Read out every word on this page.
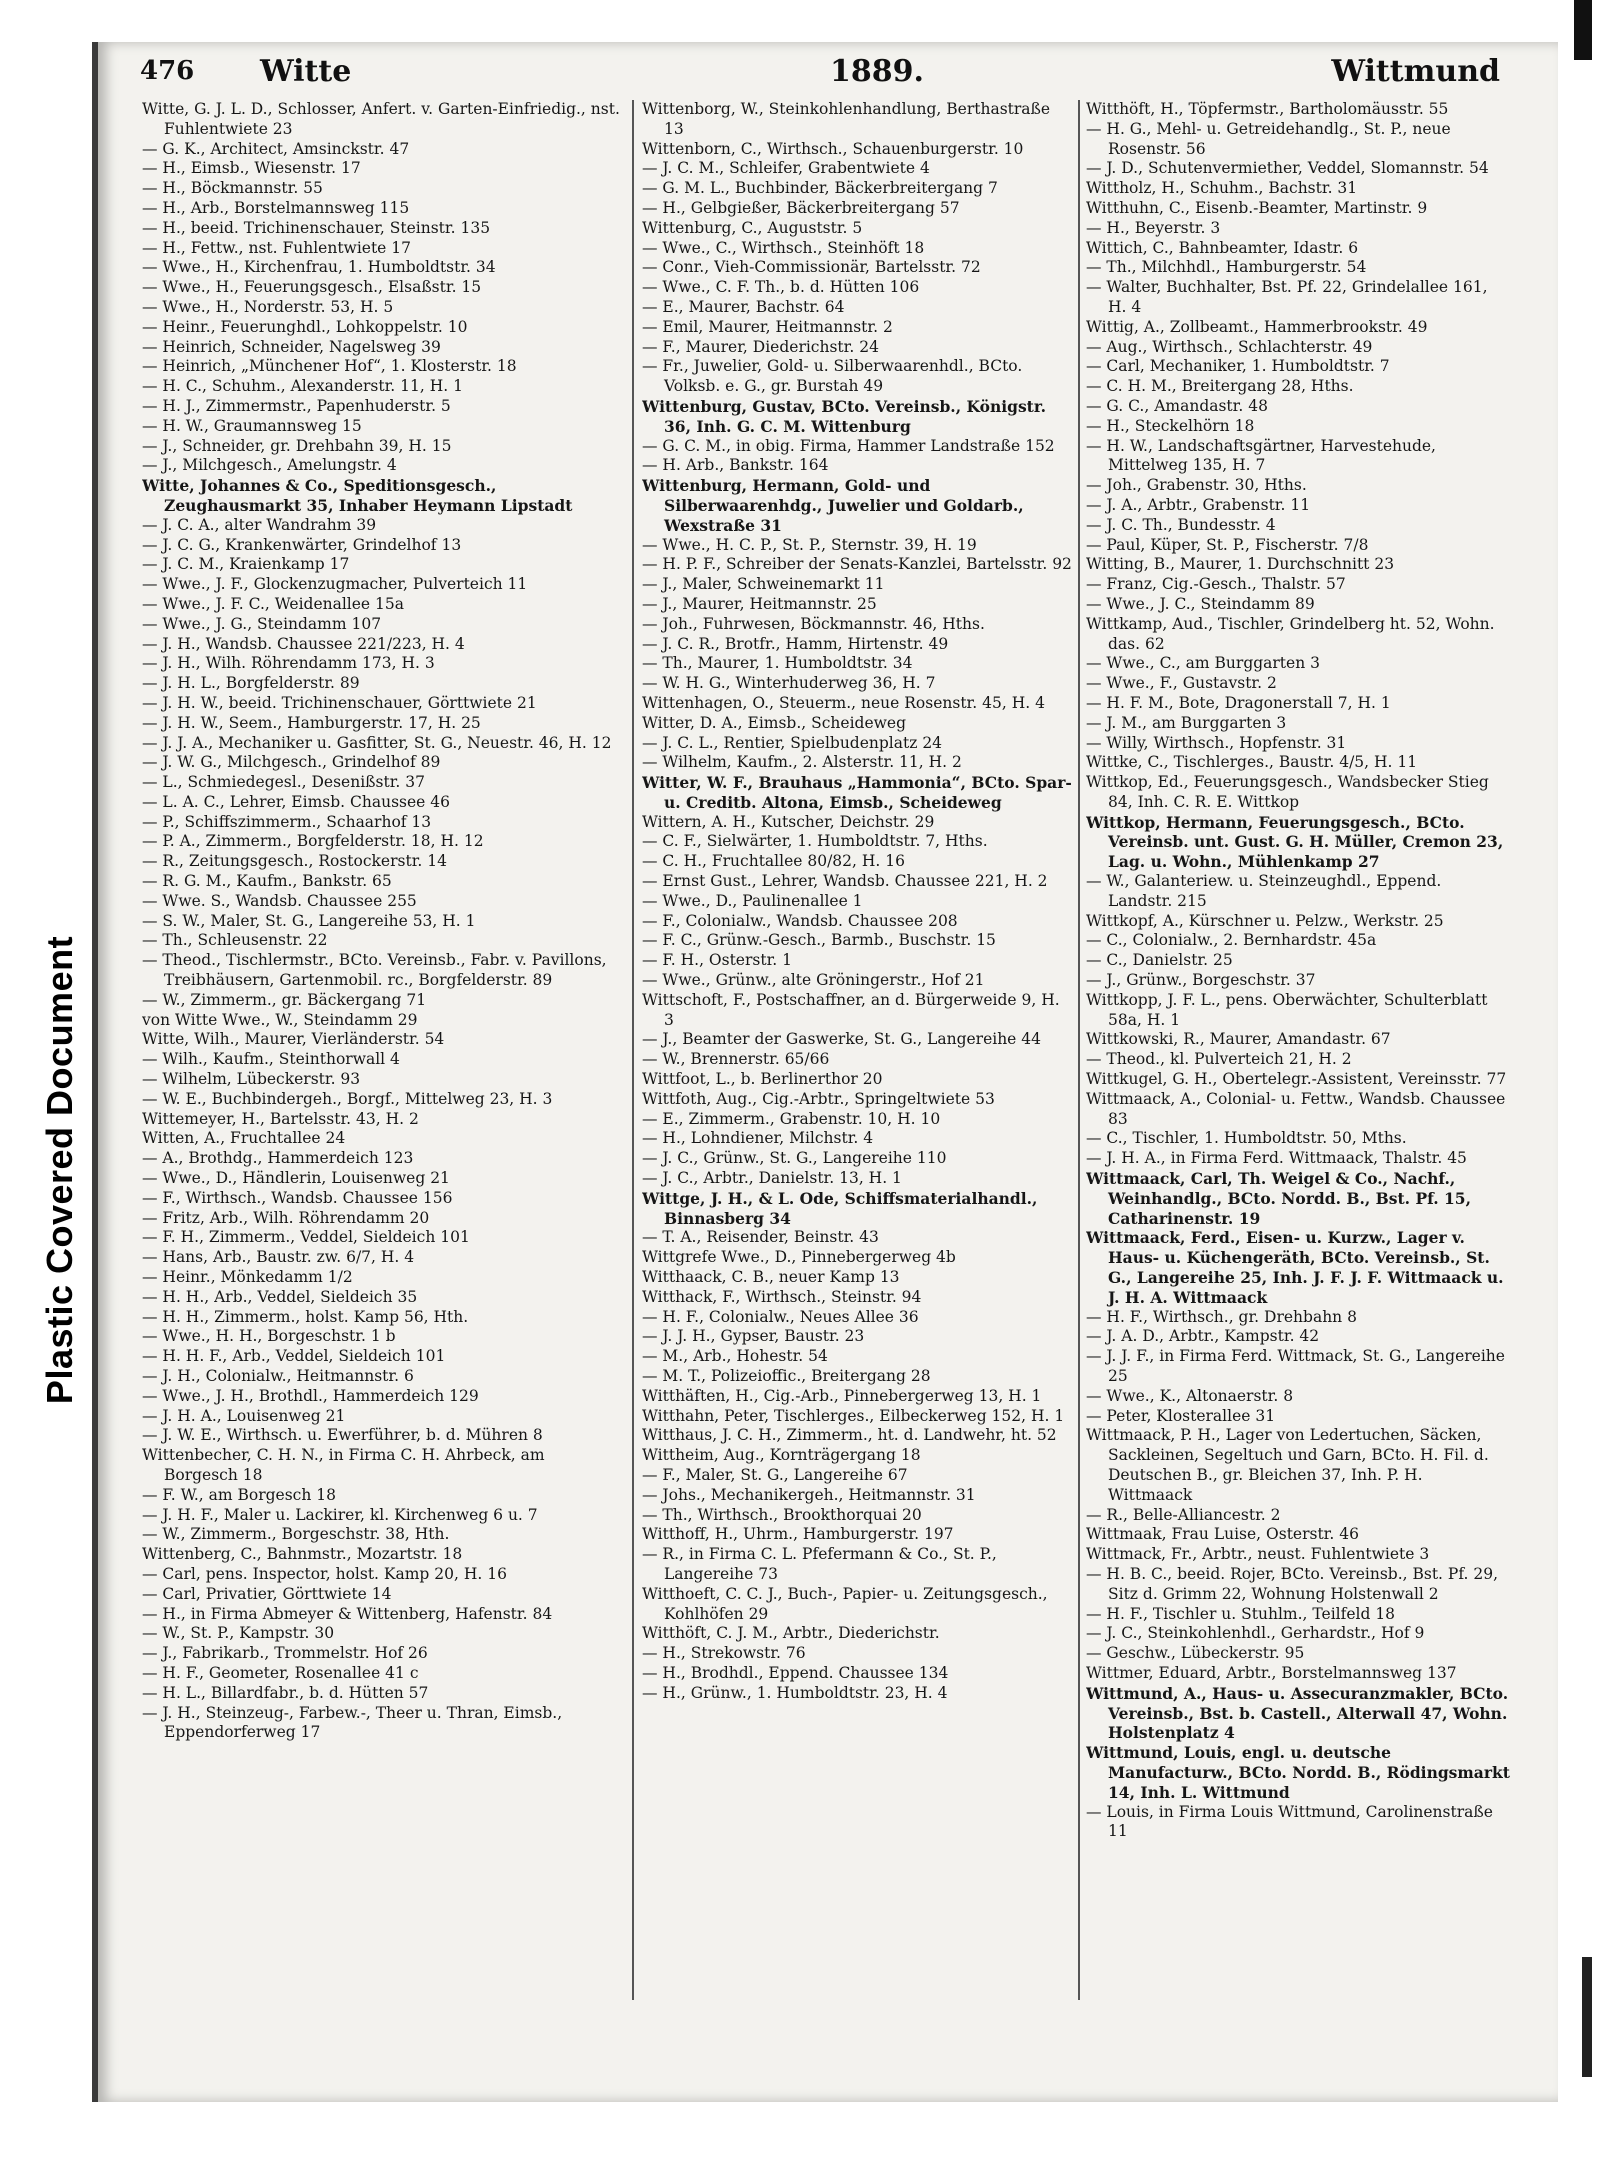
Plastic Covered Document
476 Witte	1889.	Wittmund
Witte, G. J. L. D., Schlosser, Anfert. v. Garten-Einfriedig., nst. Fuhlentwiete 23
— G. K., Architect, Amsinckstr. 47
— H., Eimsb., Wiesenstr. 17
— H., Böckmannstr. 55
— H., Arb., Borstelmannsweg 115
— H., beeid. Trichinenschauer, Steinstr. 135
— H., Fettw., nst. Fuhlentwiete 17
— Wwe., H., Kirchenfrau, 1. Humboldtstr. 34
— Wwe., H., Feuerungsgesch., Elsaßstr. 15
— Wwe., H., Norderstr. 53, H. 5
— Heinr., Feuerunghdl., Lohkoppelstr. 10
— Heinrich, Schneider, Nagelsweg 39
— Heinrich, „Münchener Hof“, 1. Klosterstr. 18
— H. C., Schuhm., Alexanderstr. 11, H. 1
— H. J., Zimmermstr., Papenhuderstr. 5
— H. W., Graumannsweg 15
— J., Schneider, gr. Drehbahn 39, H. 15
— J., Milchgesch., Amelungstr. 4
Witte, Johannes & Co., Speditionsgesch., Zeughausmarkt 35, Inhaber Heymann Lipstadt
— J. C. A., alter Wandrahm 39
— J. C. G., Krankenwärter, Grindelhof 13
— J. C. M., Kraienkamp 17
— Wwe., J. F., Glockenzugmacher, Pulverteich 11
— Wwe., J. F. C., Weidenallee 15a
— Wwe., J. G., Steindamm 107
— J. H., Wandsb. Chaussee 221/223, H. 4
— J. H., Wilh. Röhrendamm 173, H. 3
— J. H. L., Borgfelderstr. 89
— J. H. W., beeid. Trichinenschauer, Görttwiete 21
— J. H. W., Seem., Hamburgerstr. 17, H. 25
— J. J. A., Mechaniker u. Gasfitter, St. G., Neuestr. 46, H. 12
— J. W. G., Milchgesch., Grindelhof 89
— L., Schmiedegesl., Desenißstr. 37
— L. A. C., Lehrer, Eimsb. Chaussee 46
— P., Schiffszimmerm., Schaarhof 13
— P. A., Zimmerm., Borgfelderstr. 18, H. 12
— R., Zeitungsgesch., Rostockerstr. 14
— R. G. M., Kaufm., Bankstr. 65
— Wwe. S., Wandsb. Chaussee 255
— S. W., Maler, St. G., Langereihe 53, H. 1
— Th., Schleusenstr. 22
— Theod., Tischlermstr., BCto. Vereinsb., Fabr. v. Pavillons, Treibhäusern, Gartenmobil. rc., Borgfelderstr. 89
— W., Zimmerm., gr. Bäckergang 71
von Witte Wwe., W., Steindamm 29
Witte, Wilh., Maurer, Vierländerstr. 54
— Wilh., Kaufm., Steinthorwall 4
— Wilhelm, Lübeckerstr. 93
— W. E., Buchbindergeh., Borgf., Mittelweg 23, H. 3
Wittemeyer, H., Bartelsstr. 43, H. 2
Witten, A., Fruchtallee 24
— A., Brothdg., Hammerdeich 123
— Wwe., D., Händlerin, Louisenweg 21
— F., Wirthsch., Wandsb. Chaussee 156
— Fritz, Arb., Wilh. Röhrendamm 20
— F. H., Zimmerm., Veddel, Sieldeich 101
— Hans, Arb., Baustr. zw. 6/7, H. 4
— Heinr., Mönkedamm 1/2
— H. H., Arb., Veddel, Sieldeich 35
— H. H., Zimmerm., holst. Kamp 56, Hth.
— Wwe., H. H., Borgeschstr. 1 b
— H. H. F., Arb., Veddel, Sieldeich 101
— J. H., Colonialw., Heitmannstr. 6
— Wwe., J. H., Brothdl., Hammerdeich 129
— J. H. A., Louisenweg 21
— J. W. E., Wirthsch. u. Ewerführer, b. d. Mühren 8
Wittenbecher, C. H. N., in Firma C. H. Ahrbeck, am Borgesch 18
— F. W., am Borgesch 18
— J. H. F., Maler u. Lackirer, kl. Kirchenweg 6 u. 7
— W., Zimmerm., Borgeschstr. 38, Hth.
Wittenberg, C., Bahnmstr., Mozartstr. 18
— Carl, pens. Inspector, holst. Kamp 20, H. 16
— Carl, Privatier, Görttwiete 14
— H., in Firma Abmeyer & Wittenberg, Hafenstr. 84
— W., St. P., Kampstr. 30
— J., Fabrikarb., Trommelstr. Hof 26
— H. F., Geometer, Rosenallee 41 c
— H. L., Billardfabr., b. d. Hütten 57
— J. H., Steinzeug-, Farbew.-, Theer u. Thran, Eimsb., Eppendorferweg 17
Wittenborg, W., Steinkohlenhandlung, Berthastraße 13
Wittenborn, C., Wirthsch., Schauenburgerstr. 10
— J. C. M., Schleifer, Grabentwiete 4
— G. M. L., Buchbinder, Bäckerbreitergang 7
— H., Gelbgießer, Bäckerbreitergang 57
Wittenburg, C., Auguststr. 5
— Wwe., C., Wirthsch., Steinhöft 18
— Conr., Vieh-Commissionär, Bartelsstr. 72
— Wwe., C. F. Th., b. d. Hütten 106
— E., Maurer, Bachstr. 64
— Emil, Maurer, Heitmannstr. 2
— F., Maurer, Diederichstr. 24
— Fr., Juwelier, Gold- u. Silberwaarenhdl., BCto. Volksb. e. G., gr. Burstah 49
Wittenburg, Gustav, BCto. Vereinsb., Königstr. 36, Inh. G. C. M. Wittenburg
— G. C. M., in obig. Firma, Hammer Landstraße 152
— H. Arb., Bankstr. 164
Wittenburg, Hermann, Gold- und Silberwaarenhdg., Juwelier und Goldarb., Wexstraße 31
— Wwe., H. C. P., St. P., Sternstr. 39, H. 19
— H. P. F., Schreiber der Senats-Kanzlei, Bartelsstr. 92
— J., Maler, Schweinemarkt 11
— J., Maurer, Heitmannstr. 25
— Joh., Fuhrwesen, Böckmannstr. 46, Hths.
— J. C. R., Brotfr., Hamm, Hirtenstr. 49
— Th., Maurer, 1. Humboldtstr. 34
— W. H. G., Winterhuderweg 36, H. 7
Wittenhagen, O., Steuerm., neue Rosenstr. 45, H. 4
Witter, D. A., Eimsb., Scheideweg
— J. C. L., Rentier, Spielbudenplatz 24
— Wilhelm, Kaufm., 2. Alsterstr. 11, H. 2
Witter, W. F., Brauhaus „Hammonia“, BCto. Spar- u. Creditb. Altona, Eimsb., Scheideweg
Wittern, A. H., Kutscher, Deichstr. 29
— C. F., Sielwärter, 1. Humboldtstr. 7, Hths.
— C. H., Fruchtallee 80/82, H. 16
— Ernst Gust., Lehrer, Wandsb. Chaussee 221, H. 2
— Wwe., D., Paulinenallee 1
— F., Colonialw., Wandsb. Chaussee 208
— F. C., Grünw.-Gesch., Barmb., Buschstr. 15
— F. H., Osterstr. 1
— Wwe., Grünw., alte Gröningerstr., Hof 21
Wittschoft, F., Postschaffner, an d. Bürgerweide 9, H. 3
— J., Beamter der Gaswerke, St. G., Langereihe 44
— W., Brennerstr. 65/66
Wittfoot, L., b. Berlinerthor 20
Wittfoth, Aug., Cig.-Arbtr., Springeltwiete 53
— E., Zimmerm., Grabenstr. 10, H. 10
— H., Lohndiener, Milchstr. 4
— J. C., Grünw., St. G., Langereihe 110
— J. C., Arbtr., Danielstr. 13, H. 1
Wittge, J. H., & L. Ode, Schiffsmaterialhandl., Binnasberg 34
— T. A., Reisender, Beinstr. 43
Wittgrefe Wwe., D., Pinnebergerweg 4b
Witthaack, C. B., neuer Kamp 13
Witthack, F., Wirthsch., Steinstr. 94
— H. F., Colonialw., Neues Allee 36
— J. J. H., Gypser, Baustr. 23
— M., Arb., Hohestr. 54
— M. T., Polizeioffic., Breitergang 28
Witthäften, H., Cig.-Arb., Pinnebergerweg 13, H. 1
Witthahn, Peter, Tischlerges., Eilbeckerweg 152, H. 1
Witthaus, J. C. H., Zimmerm., ht. d. Landwehr, ht. 52
Wittheim, Aug., Kornträgergang 18
— F., Maler, St. G., Langereihe 67
— Johs., Mechanikergeh., Heitmannstr. 31
— Th., Wirthsch., Brookthorquai 20
Witthoff, H., Uhrm., Hamburgerstr. 197
— R., in Firma C. L. Pfefermann & Co., St. P., Langereihe 73
Witthoeft, C. C. J., Buch-, Papier- u. Zeitungsgesch., Kohlhöfen 29
Witthöft, C. J. M., Arbtr., Diederichstr.
— H., Strekowstr. 76
— H., Brodhdl., Eppend. Chaussee 134
— H., Grünw., 1. Humboldtstr. 23, H. 4
Witthöft, H., Töpfermstr., Bartholomäusstr. 55
— H. G., Mehl- u. Getreidehandlg., St. P., neue Rosenstr. 56
— J. D., Schutenvermiether, Veddel, Slomannstr. 54
Wittholz, H., Schuhm., Bachstr. 31
Witthuhn, C., Eisenb.-Beamter, Martinstr. 9
— H., Beyerstr. 3
Wittich, C., Bahnbeamter, Idastr. 6
— Th., Milchhdl., Hamburgerstr. 54
— Walter, Buchhalter, Bst. Pf. 22, Grindelallee 161, H. 4
Wittig, A., Zollbeamt., Hammerbrookstr. 49
— Aug., Wirthsch., Schlachterstr. 49
— Carl, Mechaniker, 1. Humboldtstr. 7
— C. H. M., Breitergang 28, Hths.
— G. C., Amandastr. 48
— H., Steckelhörn 18
— H. W., Landschaftsgärtner, Harvestehude, Mittelweg 135, H. 7
— Joh., Grabenstr. 30, Hths.
— J. A., Arbtr., Grabenstr. 11
— J. C. Th., Bundesstr. 4
— Paul, Küper, St. P., Fischerstr. 7/8
Witting, B., Maurer, 1. Durchschnitt 23
— Franz, Cig.-Gesch., Thalstr. 57
— Wwe., J. C., Steindamm 89
Wittkamp, Aud., Tischler, Grindelberg ht. 52, Wohn. das. 62
— Wwe., C., am Burggarten 3
— Wwe., F., Gustavstr. 2
— H. F. M., Bote, Dragonerstall 7, H. 1
— J. M., am Burggarten 3
— Willy, Wirthsch., Hopfenstr. 31
Wittke, C., Tischlerges., Baustr. 4/5, H. 11
Wittkop, Ed., Feuerungsgesch., Wandsbecker Stieg 84, Inh. C. R. E. Wittkop
Wittkop, Hermann, Feuerungsgesch., BCto. Vereinsb. unt. Gust. G. H. Müller, Cremon 23, Lag. u. Wohn., Mühlenkamp 27
— W., Galanteriew. u. Steinzeughdl., Eppend. Landstr. 215
Wittkopf, A., Kürschner u. Pelzw., Werkstr. 25
— C., Colonialw., 2. Bernhardstr. 45a
— C., Danielstr. 25
— J., Grünw., Borgeschstr. 37
Wittkopp, J. F. L., pens. Oberwächter, Schulterblatt 58a, H. 1
Wittkowski, R., Maurer, Amandastr. 67
— Theod., kl. Pulverteich 21, H. 2
Wittkugel, G. H., Obertelegr.-Assistent, Vereinsstr. 77
Wittmaack, A., Colonial- u. Fettw., Wandsb. Chaussee 83
— C., Tischler, 1. Humboldtstr. 50, Mths.
— J. H. A., in Firma Ferd. Wittmaack, Thalstr. 45
Wittmaack, Carl, Th. Weigel & Co., Nachf., Weinhandlg., BCto. Nordd. B., Bst. Pf. 15, Catharinenstr. 19
Wittmaack, Ferd., Eisen- u. Kurzw., Lager v. Haus- u. Küchengeräth, BCto. Vereinsb., St. G., Langereihe 25, Inh. J. F. J. F. Wittmaack u. J. H. A. Wittmaack
— H. F., Wirthsch., gr. Drehbahn 8
— J. A. D., Arbtr., Kampstr. 42
— J. J. F., in Firma Ferd. Wittmack, St. G., Langereihe 25
— Wwe., K., Altonaerstr. 8
— Peter, Klosterallee 31
Wittmaack, P. H., Lager von Ledertuchen, Säcken, Sackleinen, Segeltuch und Garn, BCto. H. Fil. d. Deutschen B., gr. Bleichen 37, Inh. P. H. Wittmaack
— R., Belle-Alliancestr. 2
Wittmaak, Frau Luise, Osterstr. 46
Wittmack, Fr., Arbtr., neust. Fuhlentwiete 3
— H. B. C., beeid. Rojer, BCto. Vereinsb., Bst. Pf. 29, Sitz d. Grimm 22, Wohnung Holstenwall 2
— H. F., Tischler u. Stuhlm., Teilfeld 18
— J. C., Steinkohlenhdl., Gerhardstr., Hof 9
— Geschw., Lübeckerstr. 95
Wittmer, Eduard, Arbtr., Borstelmannsweg 137
Wittmund, A., Haus- u. Assecuranzmakler, BCto. Vereinsb., Bst. b. Castell., Alterwall 47, Wohn. Holstenplatz 4
Wittmund, Louis, engl. u. deutsche Manufacturw., BCto. Nordd. B., Rödingsmarkt 14, Inh. L. Wittmund
— Louis, in Firma Louis Wittmund, Carolinenstraße 11
